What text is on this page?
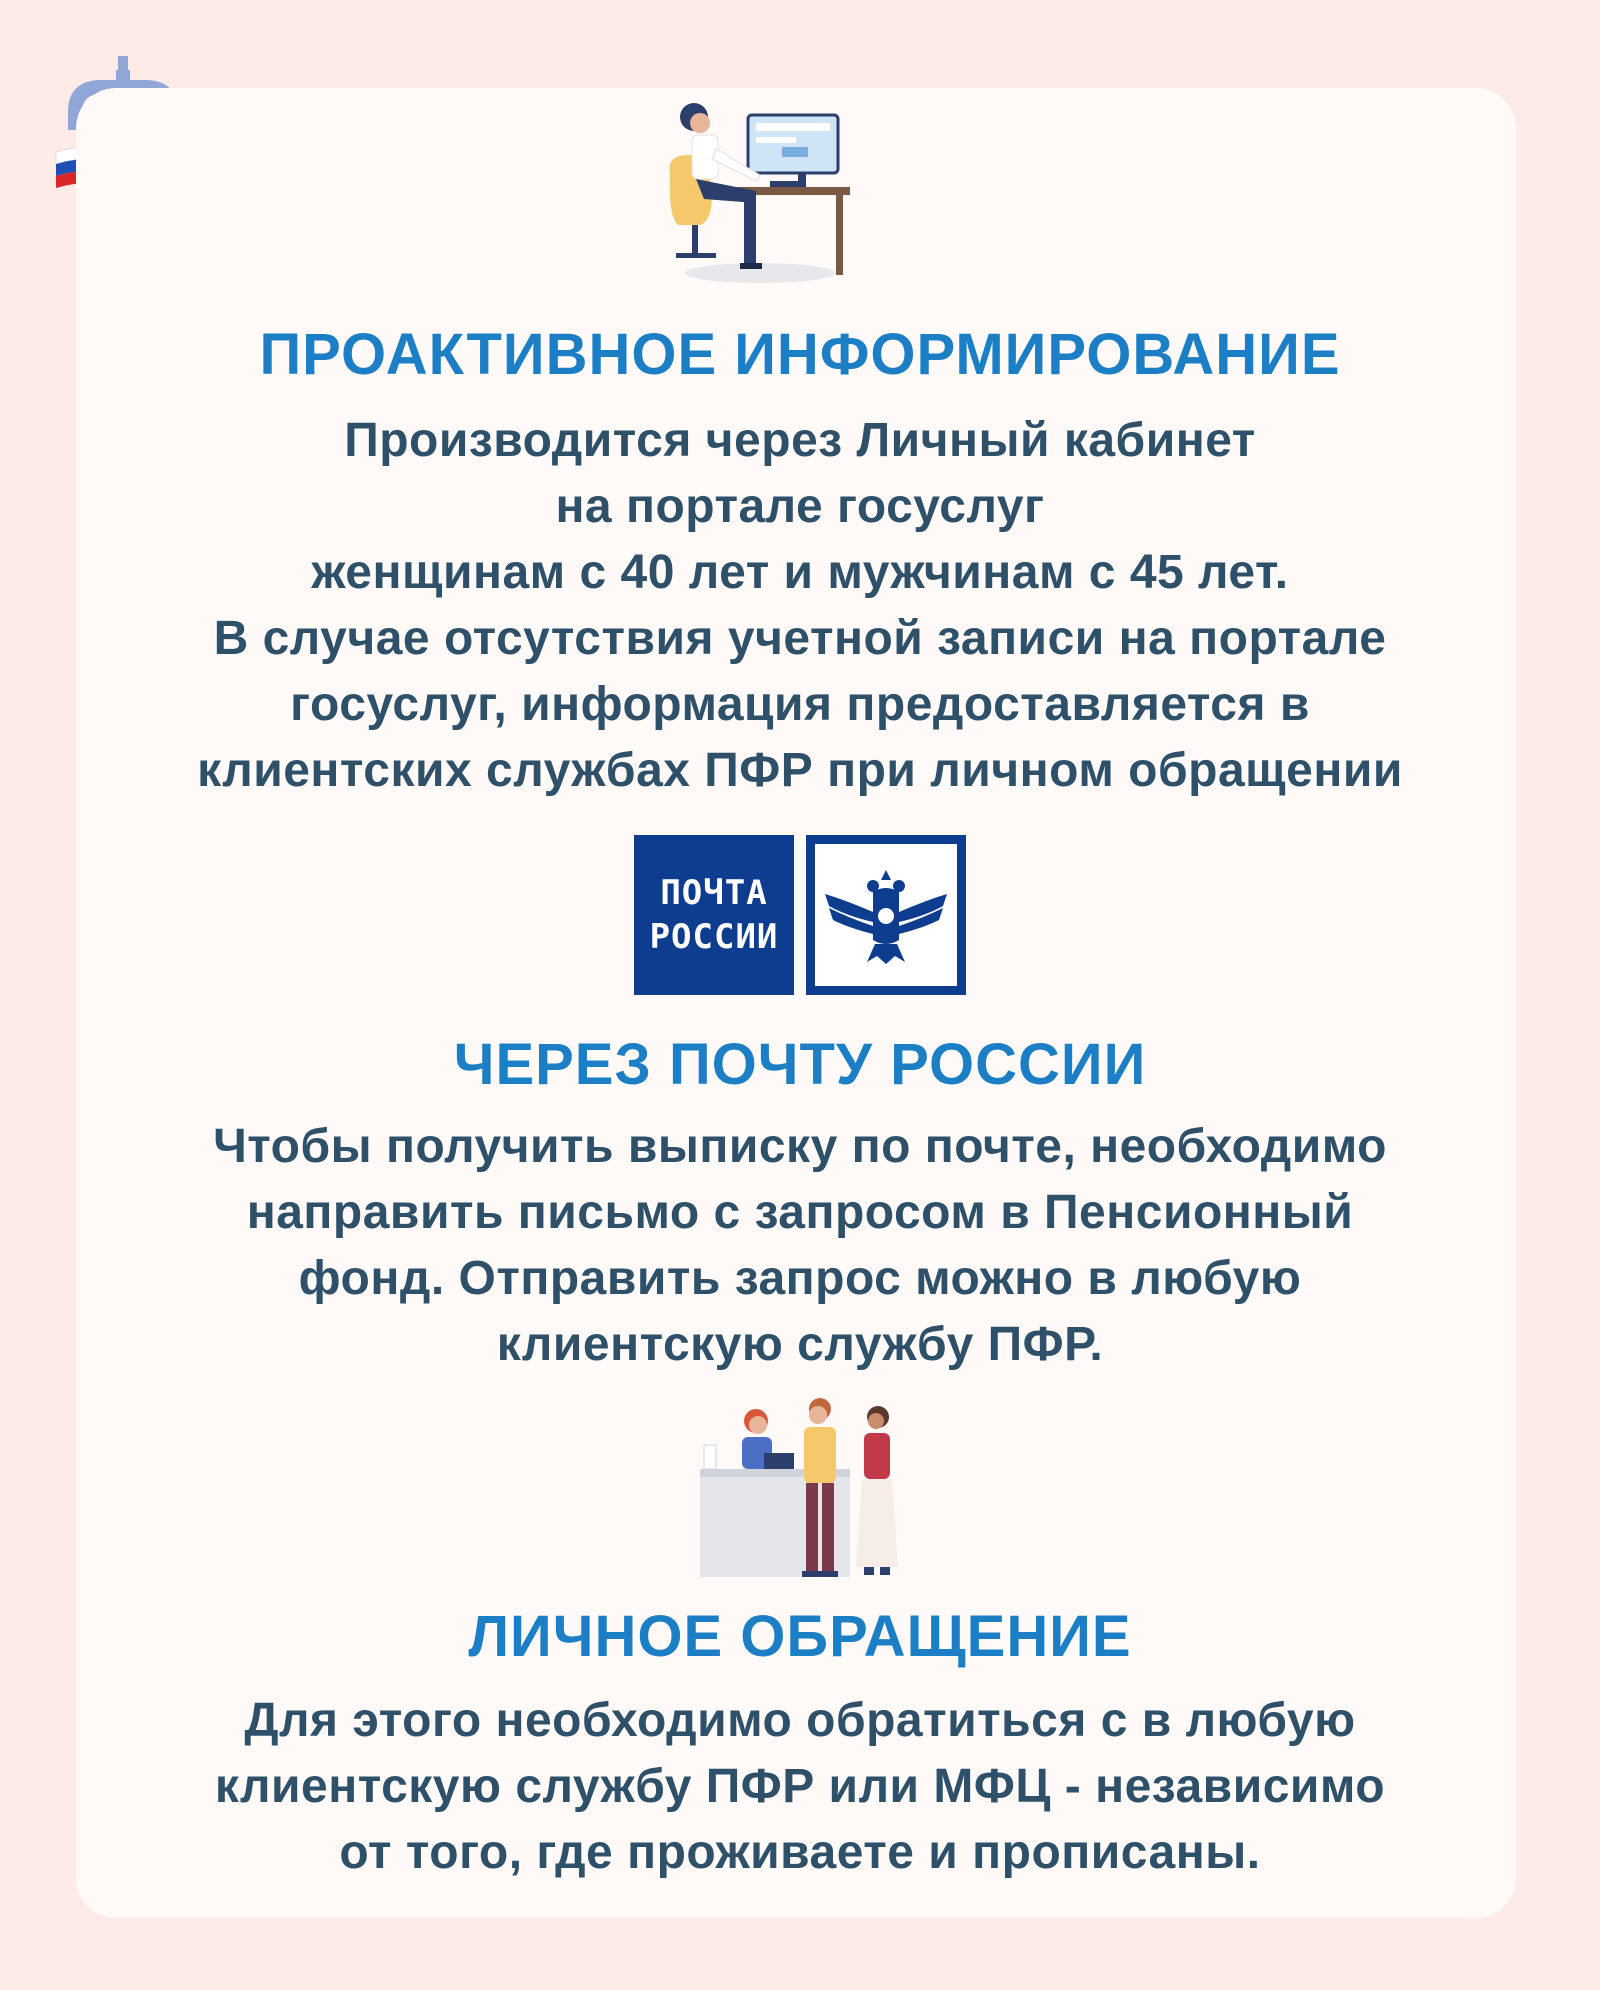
ПРОАКТИВНОЕ ИНФОРМИРОВАНИЕ
Производится через Личный кабинет
на портале госуслуг
женщинам с 40 лет и мужчинам с 45 лет.
В случае отсутствия учетной записи на портале
госуслуг, информация предоставляется в
клиентских службах ПФР при личном обращении
ПОЧТА
РОССИИ
ЧЕРЕЗ ПОЧТУ РОССИИ
Чтобы получить выписку по почте, необходимо
направить письмо с запросом в Пенсионный
фонд. Отправить запрос можно в любую
клиентскую службу ПФР.
ЛИЧНОЕ ОБРАЩЕНИЕ
Для этого необходимо обратиться с в любую
клиентскую службу ПФР или МФЦ - независимо
от того, где проживаете и прописаны.
